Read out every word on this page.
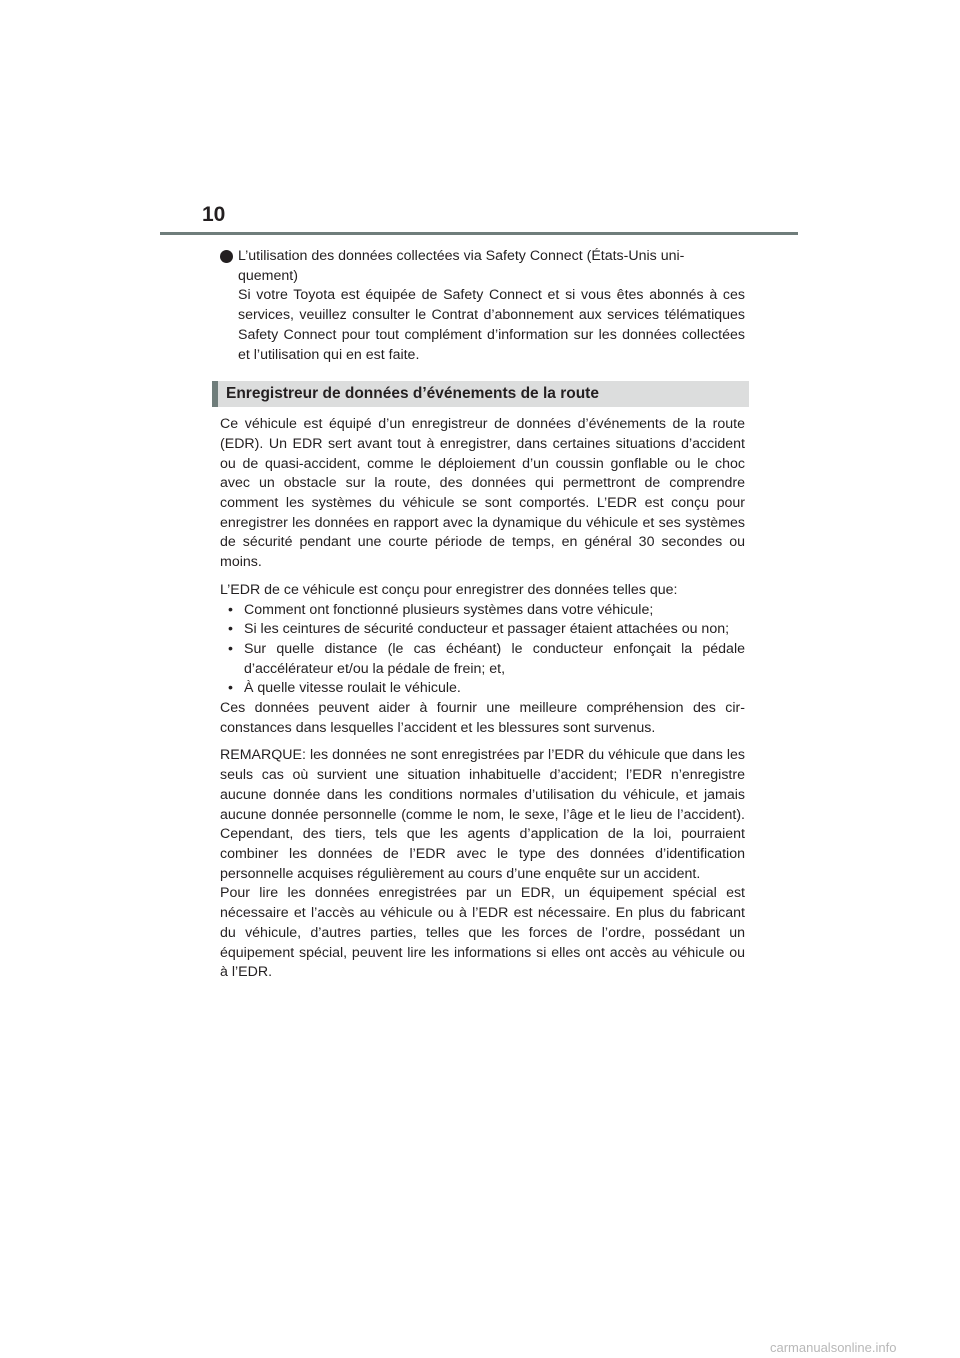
10
L’utilisation des données collectées via Safety Connect (États-Unis uni-
quement)
Si votre Toyota est équipée de Safety Connect et si vous êtes abonnés à ces services, veuillez consulter le Contrat d’abonnement aux services télématiques Safety Connect pour tout complément d’information sur les données collectées et l’utilisation qui en est faite.
Enregistreur de données d’événements de la route

Ce véhicule est équipé d’un enregistreur de données d’événements de la route (EDR). Un EDR sert avant tout à enregistrer, dans certaines situations d’accident ou de quasi-accident, comme le déploiement d’un coussin gonflable ou le choc avec un obstacle sur la route, des données qui permettront de comprendre comment les systèmes du véhicule se sont comportés. L’EDR est conçu pour enregistrer les données en rapport avec la dynamique du véhicule et ses systèmes de sécurité pendant une courte période de temps, en général 30 secondes ou moins.

L’EDR de ce véhicule est conçu pour enregistrer des données telles que:

• Comment ont fonctionné plusieurs systèmes dans votre véhicule;
• Si les ceintures de sécurité conducteur et passager étaient attachées ou non;
• Sur quelle distance (le cas échéant) le conducteur enfonçait la pédale d’accélérateur et/ou la pédale de frein; et,
• À quelle vitesse roulait le véhicule.

Ces données peuvent aider à fournir une meilleure compréhension des circonstances dans lesquelles l’accident et les blessures sont survenus.

REMARQUE: les données ne sont enregistrées par l’EDR du véhicule que dans les seuls cas où survient une situation inhabituelle d’accident; l’EDR n’enregistre aucune donnée dans les conditions normales d’utilisation du véhicule, et jamais aucune donnée personnelle (comme le nom, le sexe, l’âge et le lieu de l’accident). Cependant, des tiers, tels que les agents d’application de la loi, pourraient combiner les données de l’EDR avec le type des données d’identification personnelle acquises régulièrement au cours d’une enquête sur un accident.

Pour lire les données enregistrées par un EDR, un équipement spécial est nécessaire et l’accès au véhicule ou à l’EDR est nécessaire. En plus du fabricant du véhicule, d’autres parties, telles que les forces de l’ordre, possédant un équipement spécial, peuvent lire les informations si elles ont accès au véhicule ou à l’EDR.

carmanualsonline.info
